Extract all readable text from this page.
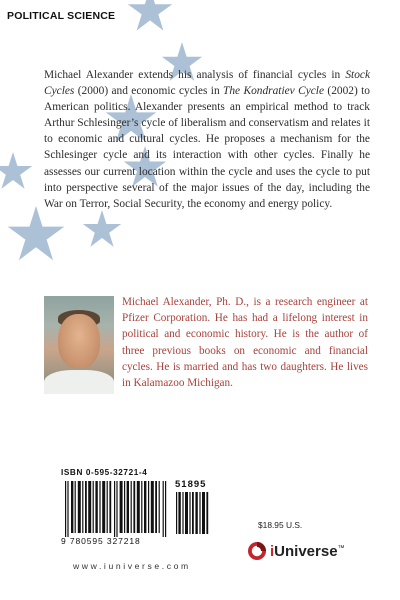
POLITICAL SCIENCE
Michael Alexander extends his analysis of financial cycles in Stock Cycles (2000) and economic cycles in The Kondratiev Cycle (2002) to American politics. Alexander presents an empirical method to track Arthur Schlesinger’s cycle of liberalism and conservatism and relates it to economic and cultural cycles. He proposes a mechanism for the Schlesinger cycle and its interaction with other cycles. Finally he assesses our current location within the cycle and uses the cycle to put into perspective several of the major issues of the day, including the War on Terror, Social Security, the economy and energy policy.
Michael Alexander, Ph. D., is a research engineer at Pfizer Corporation. He has had a lifelong interest in political and economic history. He is the author of three previous books on economic and financial cycles. He is married and has two daughters. He lives in Kalamazoo Michigan.
ISBN 0-595-32721-4
51895
9 780595 327218
$18.95 U.S.
iUniverse™
www.iuniverse.com
